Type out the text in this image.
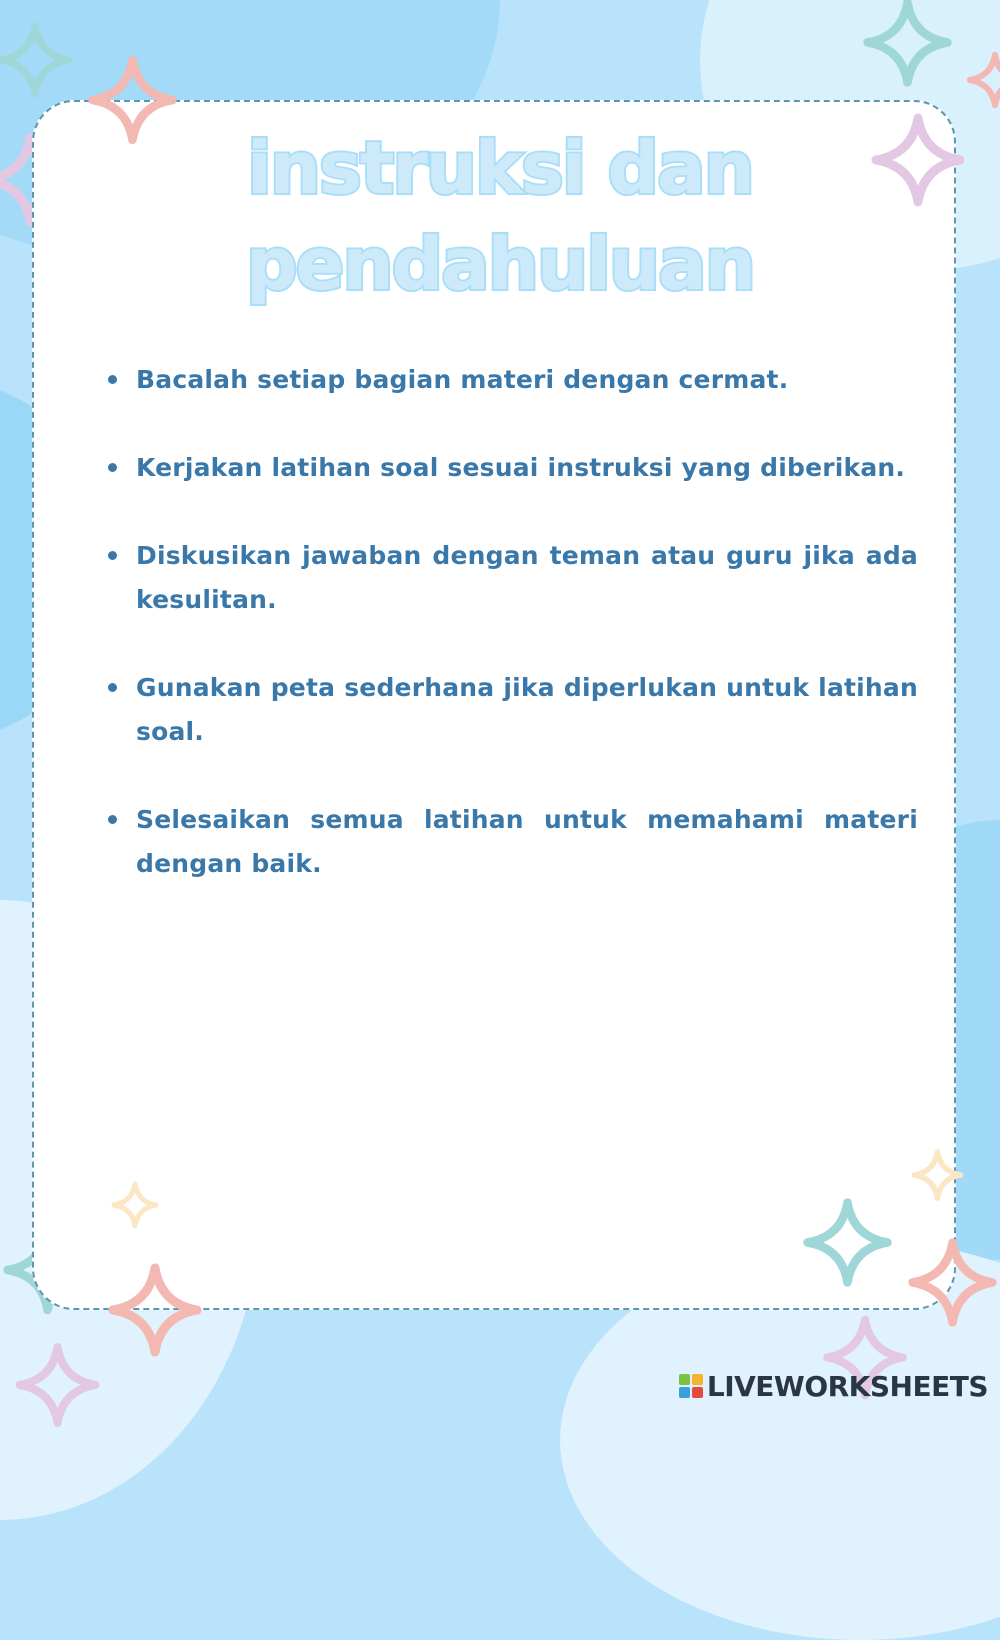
instruksi dan
pendahuluan
Bacalah setiap bagian materi dengan cermat.
Kerjakan latihan soal sesuai instruksi yang diberikan.
Diskusikan jawaban dengan teman atau guru jika ada kesulitan.
Gunakan peta sederhana jika diperlukan untuk latihan soal.
Selesaikan semua latihan untuk memahami materi dengan baik.
LIVEWORKSHEETS
